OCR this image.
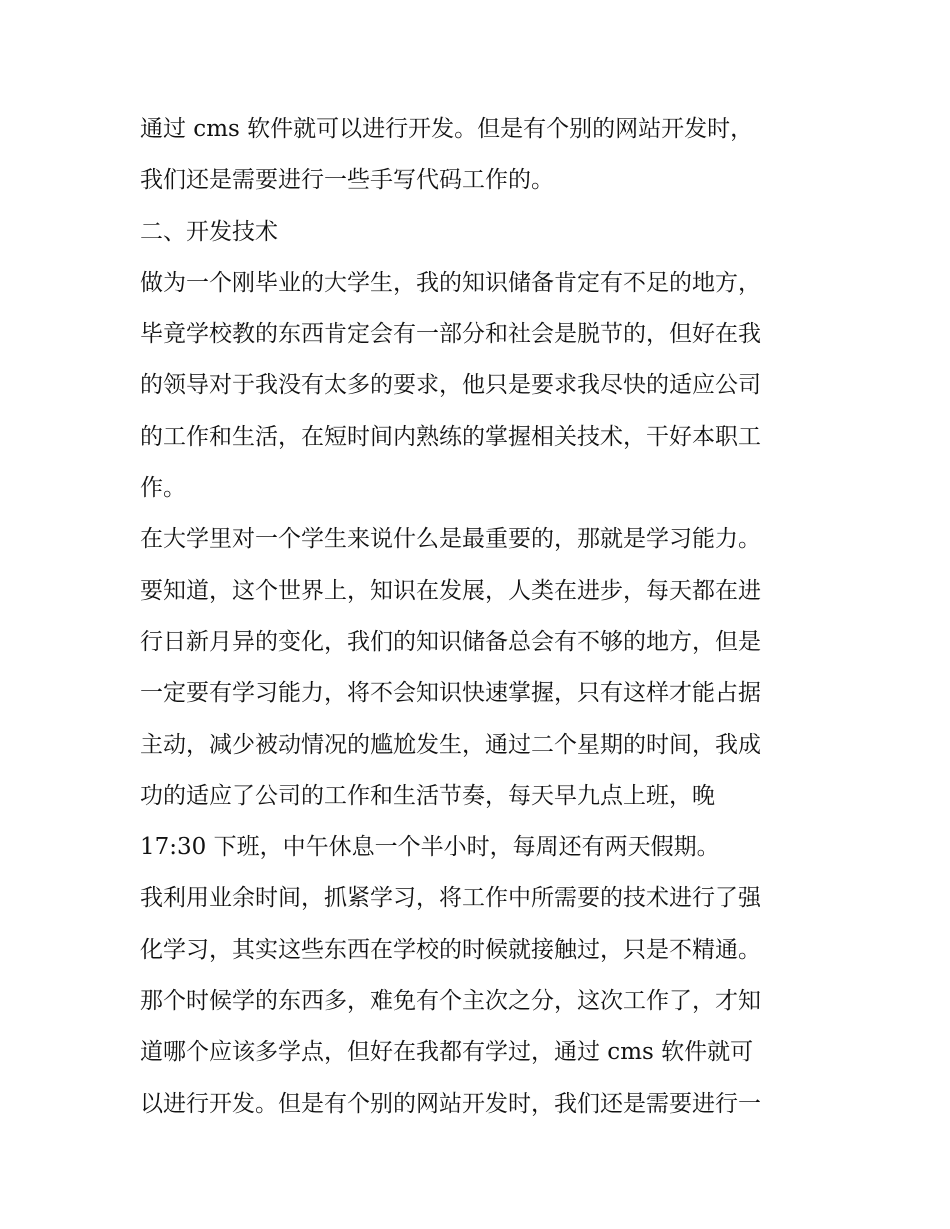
通过 cms 软件就可以进行开发。但是有个别的网站开发时，
我们还是需要进行一些手写代码工作的。
二、开发技术
做为一个刚毕业的大学生，我的知识储备肯定有不足的地方，
毕竟学校教的东西肯定会有一部分和社会是脱节的，但好在我
的领导对于我没有太多的要求，他只是要求我尽快的适应公司
的工作和生活，在短时间内熟练的掌握相关技术，干好本职工
作。
在大学里对一个学生来说什么是最重要的，那就是学习能力。
要知道，这个世界上，知识在发展，人类在进步，每天都在进
行日新月异的变化，我们的知识储备总会有不够的地方，但是
一定要有学习能力，将不会知识快速掌握，只有这样才能占据
主动，减少被动情况的尴尬发生，通过二个星期的时间，我成
功的适应了公司的工作和生活节奏，每天早九点上班，晚
17:30 下班，中午休息一个半小时，每周还有两天假期。
我利用业余时间，抓紧学习，将工作中所需要的技术进行了强
化学习，其实这些东西在学校的时候就接触过，只是不精通。
那个时候学的东西多，难免有个主次之分，这次工作了，才知
道哪个应该多学点，但好在我都有学过，通过 cms 软件就可
以进行开发。但是有个别的网站开发时，我们还是需要进行一
